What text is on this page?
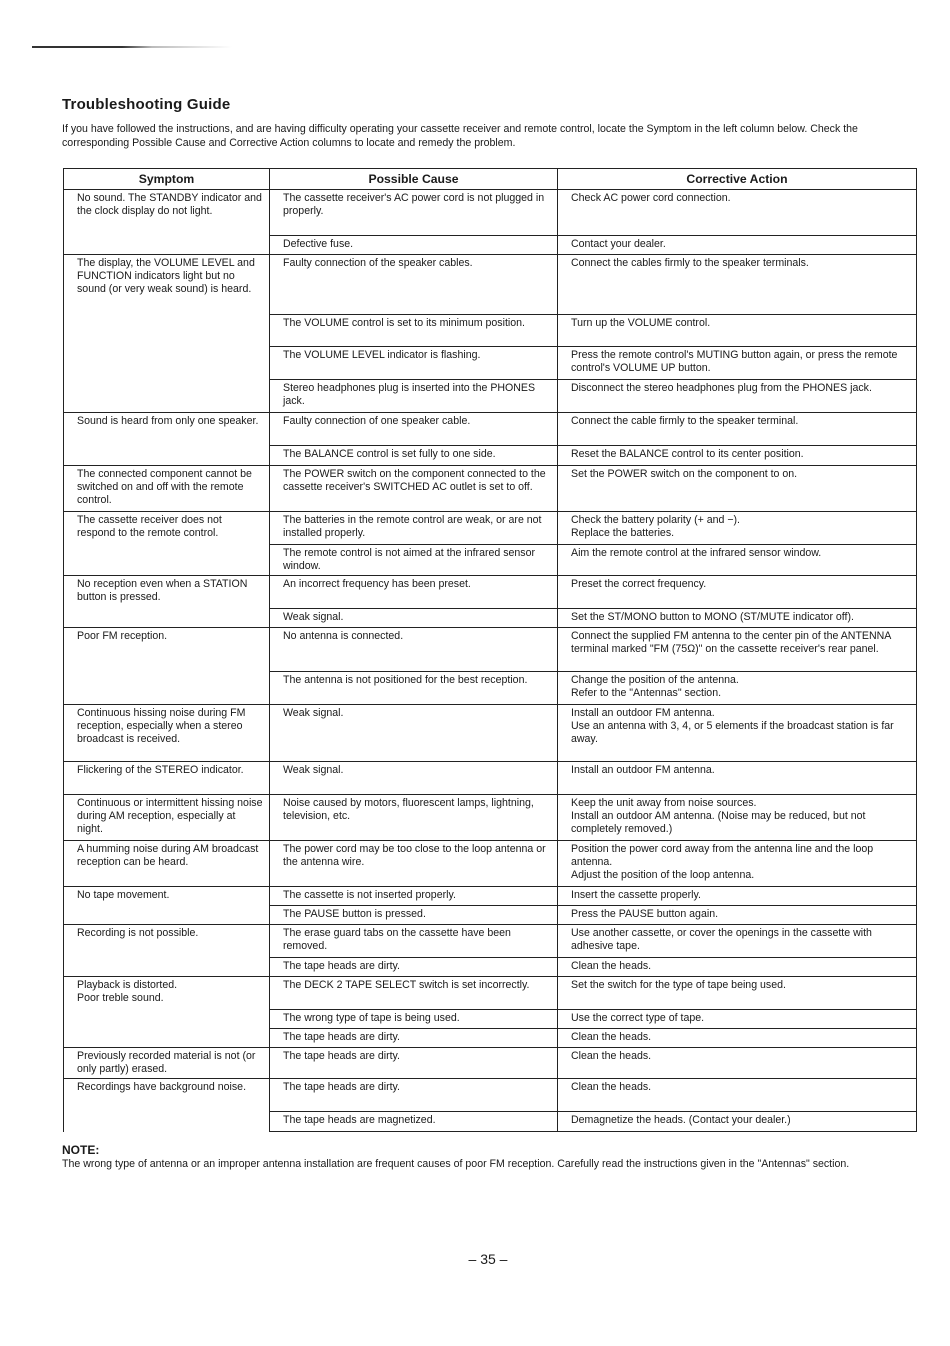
Troubleshooting Guide

If you have followed the instructions, and are having difficulty operating your cassette receiver and remote control, locate the Symptom in the left column below. Check the corresponding Possible Cause and Corrective Action columns to locate and remedy the problem.

Symptom	Possible Cause	Corrective Action
No sound. The STANDBY indicator and the clock display do not light.	The cassette receiver's AC power cord is not plugged in properly.	Check AC power cord connection.
	Defective fuse.	Contact your dealer.
The display, the VOLUME LEVEL and FUNCTION indicators light but no sound (or very weak sound) is heard.	Faulty connection of the speaker cables.	Connect the cables firmly to the speaker terminals.
	The VOLUME control is set to its minimum position.	Turn up the VOLUME control.
	The VOLUME LEVEL indicator is flashing.	Press the remote control's MUTING button again, or press the remote control's VOLUME UP button.
	Stereo headphones plug is inserted into the PHONES jack.	Disconnect the stereo headphones plug from the PHONES jack.
Sound is heard from only one speaker.	Faulty connection of one speaker cable.	Connect the cable firmly to the speaker terminal.
	The BALANCE control is set fully to one side.	Reset the BALANCE control to its center position.
The connected component cannot be switched on and off with the remote control.	The POWER switch on the component connected to the cassette receiver's SWITCHED AC outlet is set to off.	Set the POWER switch on the component to on.
The cassette receiver does not respond to the remote control.	The batteries in the remote control are weak, or are not installed properly.	Check the battery polarity (+ and −).
Replace the batteries.
	The remote control is not aimed at the infrared sensor window.	Aim the remote control at the infrared sensor window.
No reception even when a STATION button is pressed.	An incorrect frequency has been preset.	Preset the correct frequency.
	Weak signal.	Set the ST/MONO button to MONO (ST/MUTE indicator off).
Poor FM reception.	No antenna is connected.	Connect the supplied FM antenna to the center pin of the ANTENNA terminal marked "FM (75Ω)" on the cassette receiver's rear panel.
	The antenna is not positioned for the best reception.	Change the position of the antenna.
Refer to the "Antennas" section.
Continuous hissing noise during FM reception, especially when a stereo broadcast is received.	Weak signal.	Install an outdoor FM antenna.
Use an antenna with 3, 4, or 5 elements if the broadcast station is far away.
Flickering of the STEREO indicator.	Weak signal.	Install an outdoor FM antenna.
Continuous or intermittent hissing noise during AM reception, especially at night.	Noise caused by motors, fluorescent lamps, lightning, television, etc.	Keep the unit away from noise sources.
Install an outdoor AM antenna. (Noise may be reduced, but not completely removed.)
A humming noise during AM broadcast reception can be heard.	The power cord may be too close to the loop antenna or the antenna wire.	Position the power cord away from the antenna line and the loop antenna.
Adjust the position of the loop antenna.
No tape movement.	The cassette is not inserted properly.	Insert the cassette properly.
	The PAUSE button is pressed.	Press the PAUSE button again.
Recording is not possible.	The erase guard tabs on the cassette have been removed.	Use another cassette, or cover the openings in the cassette with adhesive tape.
	The tape heads are dirty.	Clean the heads.
Playback is distorted.
Poor treble sound.	The DECK 2 TAPE SELECT switch is set incorrectly.	Set the switch for the type of tape being used.
	The wrong type of tape is being used.	Use the correct type of tape.
	The tape heads are dirty.	Clean the heads.
Previously recorded material is not (or only partly) erased.	The tape heads are dirty.	Clean the heads.
Recordings have background noise.	The tape heads are dirty.	Clean the heads.
	The tape heads are magnetized.	Demagnetize the heads. (Contact your dealer.)

NOTE:

The wrong type of antenna or an improper antenna installation are frequent causes of poor FM reception. Carefully read the instructions given in the "Antennas" section.

– 35 –
